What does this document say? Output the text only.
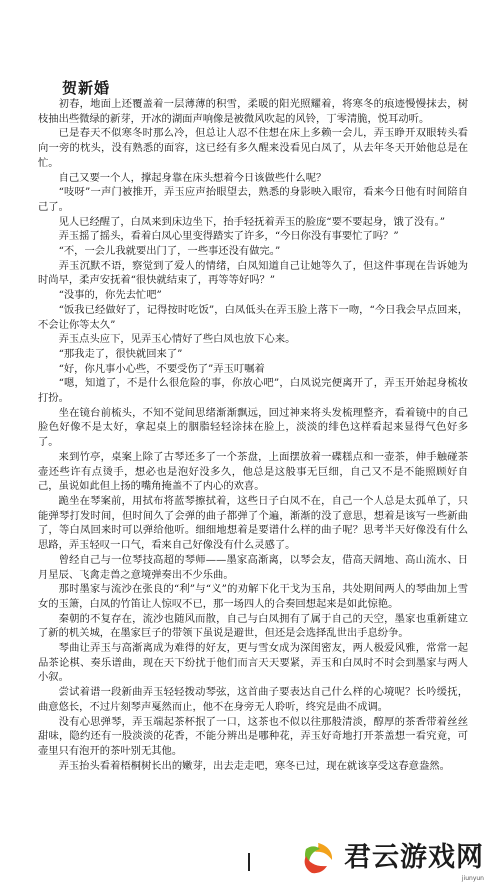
贺新婚

初春，地面上还覆盖着一层薄薄的积雪，柔暖的阳光照耀着，将寒冬的痕迹慢慢抹去，树枝抽出些微绿的新芽，开冰的湖面声响像是被微风吹起的风铃，丁零清脆，悦耳动听。

已是春天不似寒冬时那么冷，但总让人忍不住想在床上多赖一会儿，弄玉睁开双眼转头看向一旁的枕头，没有熟悉的面容，这已经有多久醒来没看见白凤了，从去年冬天开始他总是在忙。

自己又要一个人，撑起身靠在床头想着今日该做些什么呢？

“吱呀”一声门被推开，弄玉应声抬眼望去，熟悉的身影映入眼帘，看来今日他有时间陪自己了。

见人已经醒了，白凤来到床边坐下，抬手轻抚着弄玉的脸庞“要不要起身，饿了没有。”

弄玉摇了摇头，看着白凤心里变得踏实了许多，“今日你没有事要忙了吗？”

“不，一会儿我就要出门了，一些事还没有做完。”

弄玉沉默不语，察觉到了爱人的情绪，白凤知道自己让她等久了，但这件事现在告诉她为时尚早，柔声安抚着“很快就结束了，再等等好吗？”

“没事的，你先去忙吧”

“饭我已经做好了，记得按时吃饭”，白凤低头在弄玉脸上落下一吻，“今日我会早点回来，不会让你等太久”

弄玉点头应下，见弄玉心情好了些白凤也放下心来。

“那我走了，很快就回来了”

“好，你凡事小心些，不要受伤了”弄玉叮嘱着

“嗯，知道了，不是什么很危险的事，你放心吧”，白凤说完便离开了，弄玉开始起身梳妆打扮。

坐在镜台前梳头，不知不觉间思绪渐渐飘远，回过神来将头发梳理整齐，看着镜中的自己脸色好像不是太好，拿起桌上的胭脂轻轻涂抹在脸上，淡淡的绯色这样看起来显得气色好多了。

来到竹亭，桌案上除了古琴还多了一个茶盘，上面摆放着一碟糕点和一壶茶，伸手触碰茶壶还些许有点烫手，想必也是泡好没多久，他总是这般事无巨细，自己又不是不能照顾好自己，虽说如此但上扬的嘴角掩盖不了内心的欢喜。

跪坐在琴案前，用拭布将蓝琴擦拭着，这些日子白凤不在，自己一个人总是太孤单了，只能弹琴打发时间，但时间久了会弹的曲子都弹了个遍，渐渐的没了意思，想着是该写一些新曲了，等白凤回来时可以弹给他听。细细地想着是要谱什么样的曲子呢？思考半天好像没有什么思路，弄玉轻叹一口气，看来自己好像没有什么灵感了。

曾经自己与一位琴技高超的琴师——墨家高渐离，以琴会友，借高天阔地、高山流水、日月星辰、飞禽走兽之意境弹奏出不少乐曲。

那时墨家与流沙在张良的“利”与“义”的劝解下化干戈为玉帛，共处期间两人的琴曲加上雪女的玉箫，白凤的竹笛让人惊叹不已，那一场四人的合奏回想起来是如此惊艳。

秦朝的不复存在，流沙也随风而散，自己与白凤拥有了属于自己的天空，墨家也重新建立了新的机关城，在墨家巨子的带领下虽说是避世，但还是会选择乱世出手息纷争。

琴曲让弄玉与高渐离成为难得的好友，更与雪女成为深闺密友，两人极爱风雅，常常一起品茶论棋、奏乐谱曲，现在天下纷扰于他们而言天天要紧，弄玉和白凤时不时会到墨家与两人小叙。

尝试着谱一段新曲弄玉轻轻拨动琴弦，这首曲子要表达自己什么样的心境呢？长吟缓抚，曲意悠长，不过片刻琴声戛然而止，他不在身旁无人聆听，终究是曲不成调。

没有心思弹琴，弄玉端起茶杯抿了一口，这茶也不似以往那般清淡，醇厚的茶香带着丝丝甜味，隐约还有一股淡淡的花香，不能分辨出是哪种花，弄玉好奇地打开茶盖想一看究竟，可壶里只有泡开的茶叶别无其他。

弄玉抬头看着梧桐树长出的嫩芽，出去走走吧，寒冬已过，现在就该享受这春意盎然。

君云游戏网
jiunyun
